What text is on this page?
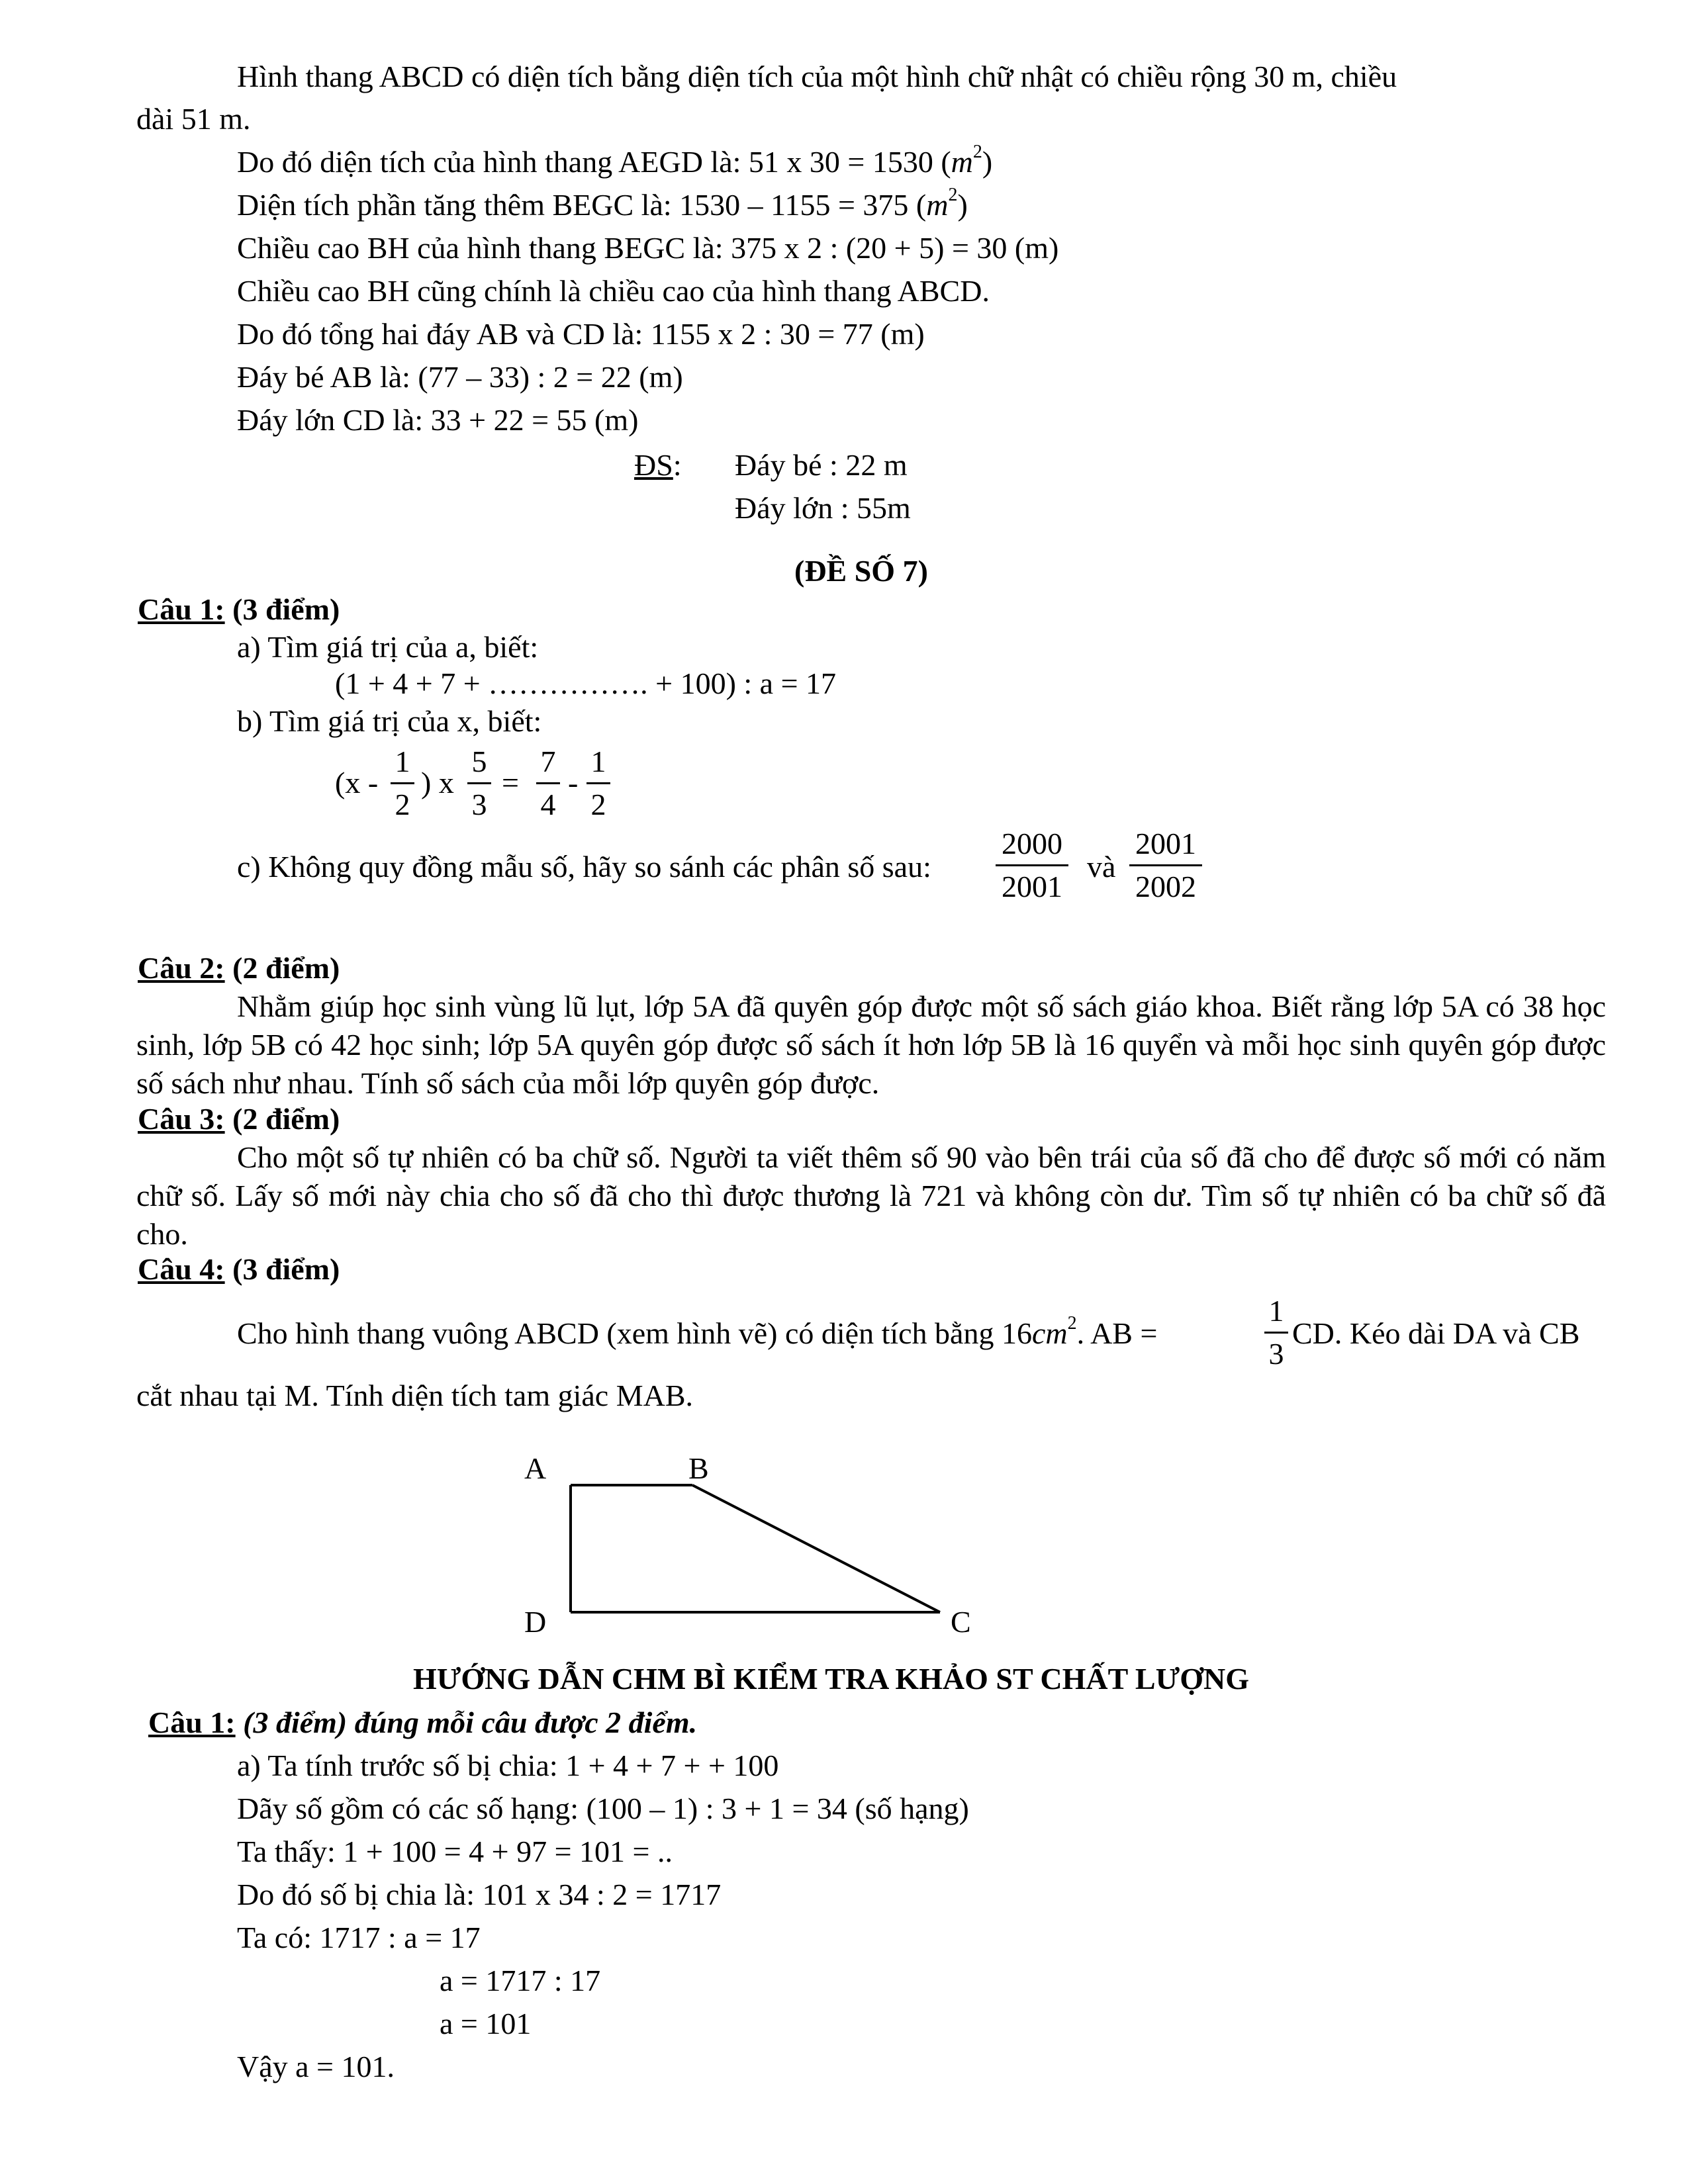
Hình thang ABCD có diện tích bằng diện tích của một hình chữ nhật có chiều rộng 30 m, chiều
dài 51 m.
Do đó diện tích của hình thang AEGD là: 51 x 30 = 1530 $(m^2)$
Diện tích phần tăng thêm BEGC là: 1530 – 1155 = 375 $(m^2)$
Chiều cao BH của hình thang BEGC là: 375 x 2 : (20 + 5) = 30 (m)
Chiều cao BH cũng chính là chiều cao của hình thang ABCD.
Do đó tổng hai đáy AB và CD là: 1155 x 2 : 30 = 77 (m)
Đáy bé AB là: (77 – 33) : 2 = 22 (m)
Đáy lớn CD là: 33 + 22 = 55 (m)
ĐS: Đáy bé : 22 m
Đáy lớn : 55m
(ĐỀ SỐ 7)
Câu 1: (3 điểm)
a) Tìm giá trị của a, biết:
(1 + 4 + 7 + ……………. + 100) : a = 17
b) Tìm giá trị của x, biết:
(x -
1
2
) x
5
3
=
7
4
-
1
2
c) Không quy đồng mẫu số, hãy so sánh các phân số sau:
2000
2001
và
2001
2002
Câu 2: (2 điểm)
Nhằm giúp học sinh vùng lũ lụt, lớp 5A đã quyên góp được một số sách giáo khoa. Biết rằng lớp 5A có 38 học sinh, lớp 5B có 42 học sinh; lớp 5A quyên góp được số sách ít hơn lớp 5B là 16 quyển và mỗi học sinh quyên góp được số sách như nhau. Tính số sách của mỗi lớp quyên góp được.
Câu 3: (2 điểm)
Cho một số tự nhiên có ba chữ số. Người ta viết thêm số 90 vào bên trái của số đã cho để được số mới có năm chữ số. Lấy số mới này chia cho số đã cho thì được thương là 721 và không còn dư. Tìm số tự nhiên có ba chữ số đã cho.
Câu 4: (3 điểm)
Cho hình thang vuông ABCD (xem hình vẽ) có diện tích bằng $16cm^2$. AB =
1
3
CD. Kéo dài DA và CB
cắt nhau tại M. Tính diện tích tam giác MAB.
A	B
D	C
HƯỚNG DẪN CHM BÌ KIỂM TRA KHẢO ST CHẤT LƯỢNG
Câu 1: (3 điểm) đúng mỗi câu được 2 điểm.
a) Ta tính trước số bị chia: 1 + 4 + 7 + + 100
Dãy số gồm có các số hạng: (100 – 1) : 3 + 1 = 34 (số hạng)
Ta thấy: 1 + 100 = 4 + 97 = 101 = ..
Do đó số bị chia là: 101 x 34 : 2 = 1717
Ta có: 1717 : a = 17
a = 1717 : 17
a = 101
Vậy a = 101.
